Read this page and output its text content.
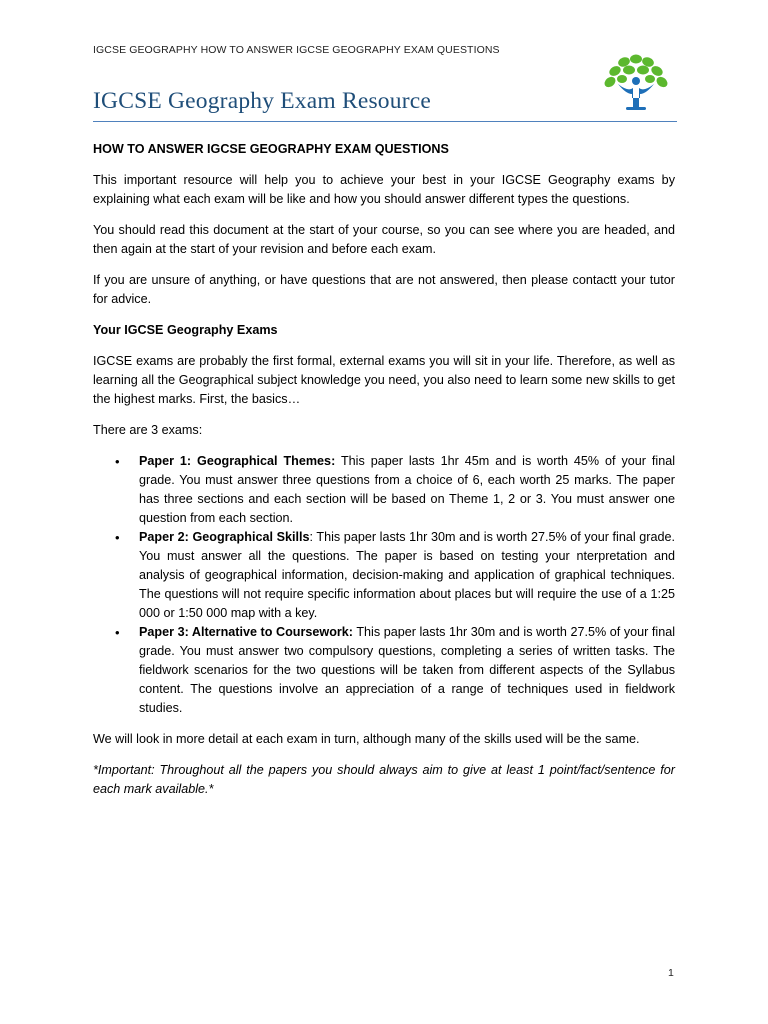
IGCSE GEOGRAPHY HOW TO ANSWER IGCSE GEOGRAPHY EXAM QUESTIONS
IGCSE Geography Exam Resource

HOW TO ANSWER IGCSE GEOGRAPHY EXAM QUESTIONS

This important resource will help you to achieve your best in your IGCSE Geography exams by explaining what each exam will be like and how you should answer different types the questions.

You should read this document at the start of your course, so you can see where you are headed, and then again at the start of your revision and before each exam.

If you are unsure of anything, or have questions that are not answered, then please contactt your tutor for advice.

Your IGCSE Geography Exams

IGCSE exams are probably the first formal, external exams you will sit in your life. Therefore, as well as learning all the Geographical subject knowledge you need, you also need to learn some new skills to get the highest marks. First, the basics…

There are 3 exams:

• Paper 1: Geographical Themes: This paper lasts 1hr 45m and is worth 45% of your final grade. You must answer three questions from a choice of 6, each worth 25 marks. The paper has three sections and each section will be based on Theme 1, 2 or 3. You must answer one question from each section.
• Paper 2: Geographical Skills: This paper lasts 1hr 30m and is worth 27.5% of your final grade. You must answer all the questions. The paper is based on testing your nterpretation and analysis of geographical information, decision-making and application of graphical techniques. The questions will not require specific information about places but will require the use of a 1:25 000 or 1:50 000 map with a key.
• Paper 3: Alternative to Coursework: This paper lasts 1hr 30m and is worth 27.5% of your final grade. You must answer two compulsory questions, completing a series of written tasks. The fieldwork scenarios for the two questions will be taken from different aspects of the Syllabus content. The questions involve an appreciation of a range of techniques used in fieldwork studies.

We will look in more detail at each exam in turn, although many of the skills used will be the same.

*Important: Throughout all the papers you should always aim to give at least 1 point/fact/sentence for each mark available.*

1
